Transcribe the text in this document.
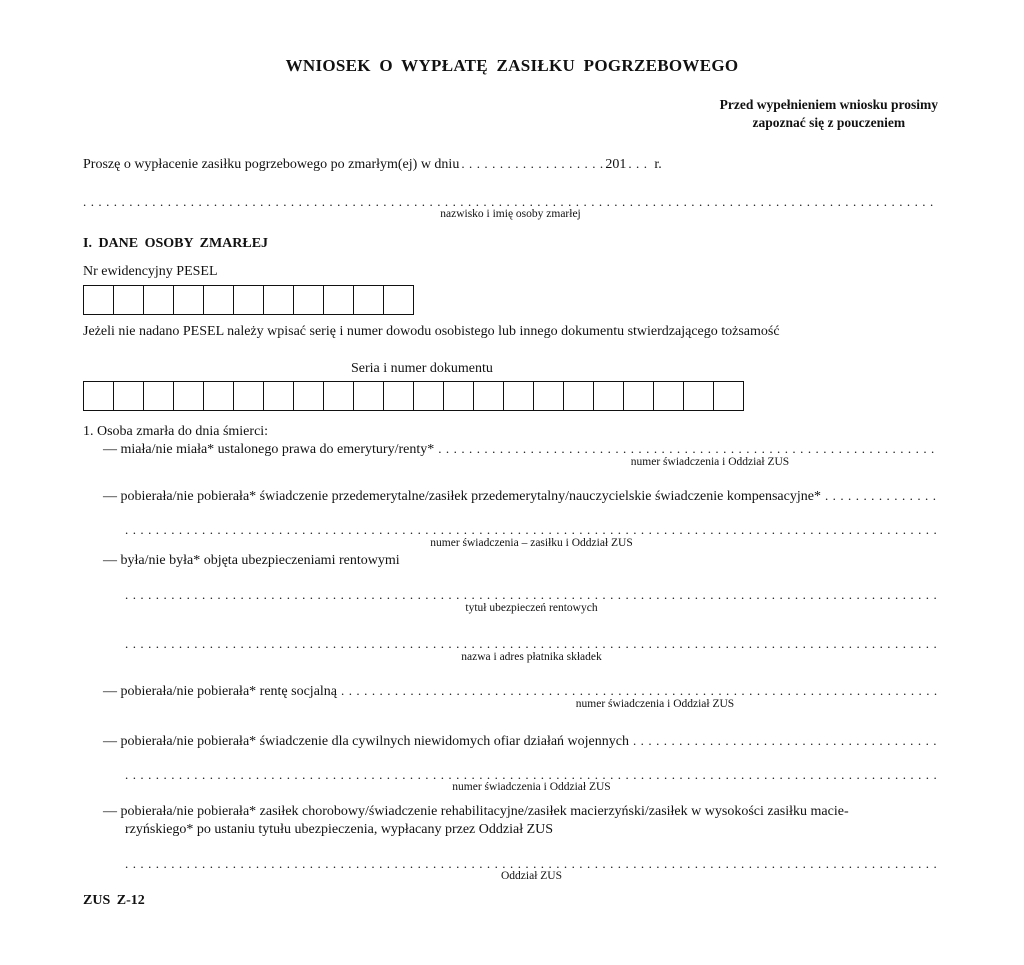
WNIOSEK O WYPŁATĘ ZASIŁKU POGRZEBOWEGO
Przed wypełnieniem wniosku prosimy
zapoznać się z pouczeniem
Proszę o wypłacenie zasiłku pogrzebowego po zmarłym(ej) w dniu . . .	201 . . . r.
. . .
nazwisko i imię osoby zmarłej
I. DANE OSOBY ZMARŁEJ
Nr ewidencyjny PESEL
Jeżeli nie nadano PESEL należy wpisać serię i numer dowodu osobistego lub innego dokumentu stwierdzającego tożsamość
Seria i numer dokumentu
1. Osoba zmarła do dnia śmierci:
— miała/nie miała* ustalonego prawa do emerytury/renty*
. . .
numer świadczenia i Oddział ZUS
— pobierała/nie pobierała* świadczenie przedemerytalne/zasiłek przedemerytalny/nauczycielskie świadczenie kompensacyjne*
. . .
. . .
numer świadczenia – zasiłku i Oddział ZUS
— była/nie była* objęta ubezpieczeniami rentowymi
. . .
tytuł ubezpieczeń rentowych
. . .
nazwa i adres płatnika składek
— pobierała/nie pobierała* rentę socjalną
. . .
numer świadczenia i Oddział ZUS
— pobierała/nie pobierała* świadczenie dla cywilnych niewidomych ofiar działań wojennych
. . .
. . .
numer świadczenia i Oddział ZUS
— pobierała/nie pobierała* zasiłek chorobowy/świadczenie rehabilitacyjne/zasiłek macierzyński/zasiłek w wysokości zasiłku macie-
rzyńskiego* po ustaniu tytułu ubezpieczenia, wypłacany przez Oddział ZUS
. . .
Oddział ZUS
ZUS Z-12
